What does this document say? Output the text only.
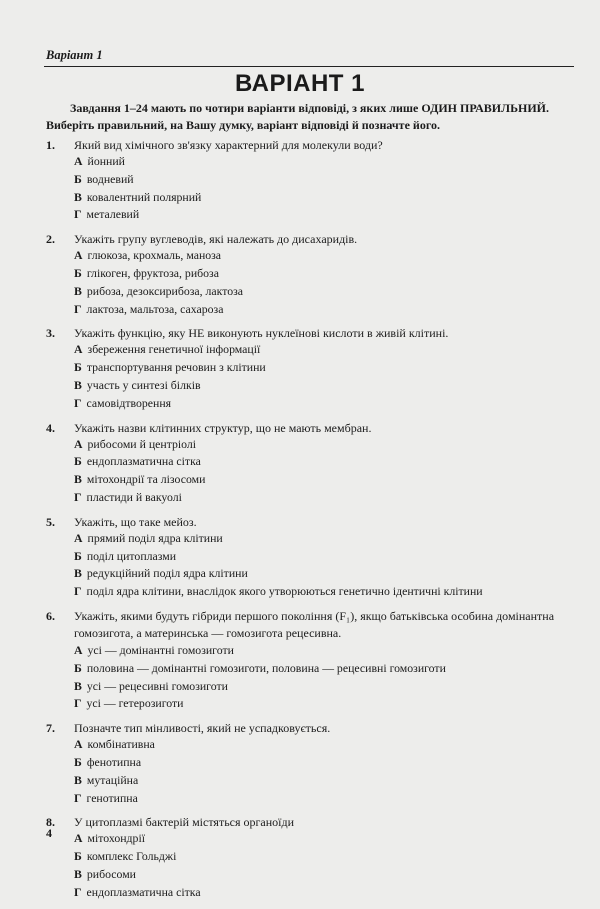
Варіант 1
ВАРІАНТ 1
Завдання 1–24 мають по чотири варіанти відповіді, з яких лише ОДИН ПРАВИЛЬНИЙ.
Виберіть правильний, на Вашу думку, варіант відповіді й позначте його.
1.	Який вид хімічного зв'язку характерний для молекули води?
А йонний
Б водневий
В ковалентний полярний
Г металевий
2.	Укажіть групу вуглеводів, які належать до дисахаридів.
А глюкоза, крохмаль, маноза
Б глікоген, фруктоза, рибоза
В рибоза, дезоксирибоза, лактоза
Г лактоза, мальтоза, сахароза
3.	Укажіть функцію, яку НЕ виконують нуклеїнові кислоти в живій клітині.
А збереження генетичної інформації
Б транспортування речовин з клітини
В участь у синтезі білків
Г самовідтворення
4.	Укажіть назви клітинних структур, що не мають мембран.
А рибосоми й центріолі
Б ендоплазматична сітка
В мітохондрії та лізосоми
Г пластиди й вакуолі
5.	Укажіть, що таке мейоз.
А прямий поділ ядра клітини
Б поділ цитоплазми
В редукційний поділ ядра клітини
Г поділ ядра клітини, внаслідок якого утворюються генетично ідентичні клітини
6.	Укажіть, якими будуть гібриди першого покоління (F₁), якщо батьківська особина домінантна гомозигота, а материнська — гомозигота рецесивна.
А усі — домінантні гомозиготи
Б половина — домінантні гомозиготи, половина — рецесивні гомозиготи
В усі — рецесивні гомозиготи
Г усі — гетерозиготи
7.	Позначте тип мінливості, який не успадковується.
А комбінативна
Б фенотипна
В мутаційна
Г генотипна
8.	У цитоплазмі бактерій містяться органоїди
А мітохондрії
Б комплекс Гольджі
В рибосоми
Г ендоплазматична сітка
4
